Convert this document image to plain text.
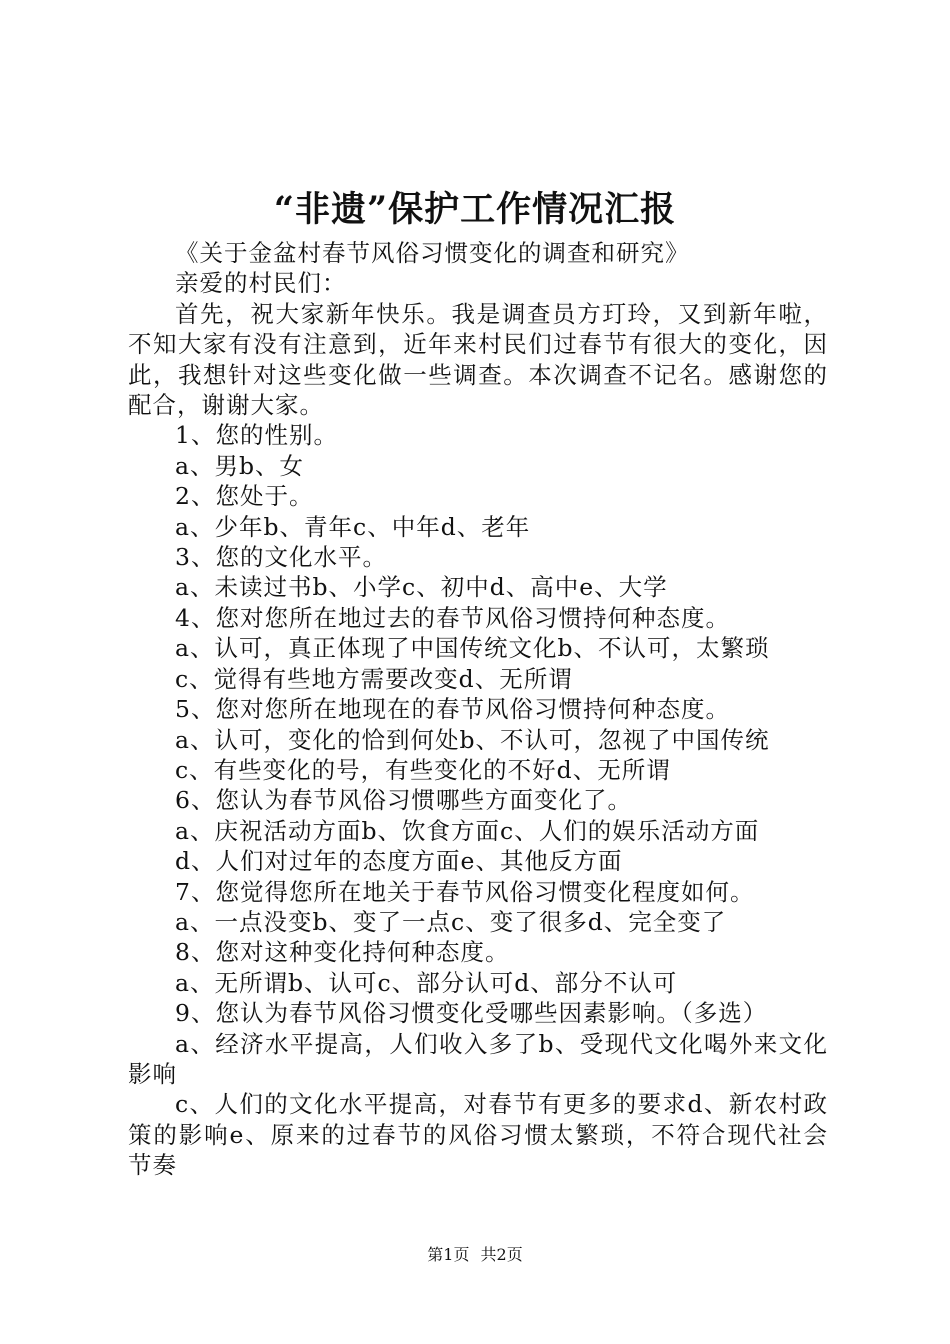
“非遗”保护工作情况汇报

《关于金盆村春节风俗习惯变化的调查和研究》

亲爱的村民们：

首先，祝大家新年快乐。我是调查员方玎玲，又到新年啦，不知大家有没有注意到，近年来村民们过春节有很大的变化，因此，我想针对这些变化做一些调查。本次调查不记名。感谢您的配合，谢谢大家。

1、您的性别。

a、男b、女

2、您处于。

a、少年b、青年c、中年d、老年

3、您的文化水平。

a、未读过书b、小学c、初中d、高中e、大学

4、您对您所在地过去的春节风俗习惯持何种态度。

a、认可，真正体现了中国传统文化b、不认可，太繁琐

c、觉得有些地方需要改变d、无所谓

5、您对您所在地现在的春节风俗习惯持何种态度。

a、认可，变化的恰到何处b、不认可，忽视了中国传统

c、有些变化的号，有些变化的不好d、无所谓

6、您认为春节风俗习惯哪些方面变化了。

a、庆祝活动方面b、饮食方面c、人们的娱乐活动方面

d、人们对过年的态度方面e、其他反方面

7、您觉得您所在地关于春节风俗习惯变化程度如何。

a、一点没变b、变了一点c、变了很多d、完全变了

8、您对这种变化持何种态度。

a、无所谓b、认可c、部分认可d、部分不认可

9、您认为春节风俗习惯变化受哪些因素影响。（多选）

a、经济水平提高，人们收入多了b、受现代文化喝外来文化影响

c、人们的文化水平提高，对春节有更多的要求d、新农村政策的影响e、原来的过春节的风俗习惯太繁琐，不符合现代社会节奏

第1页 共2页
